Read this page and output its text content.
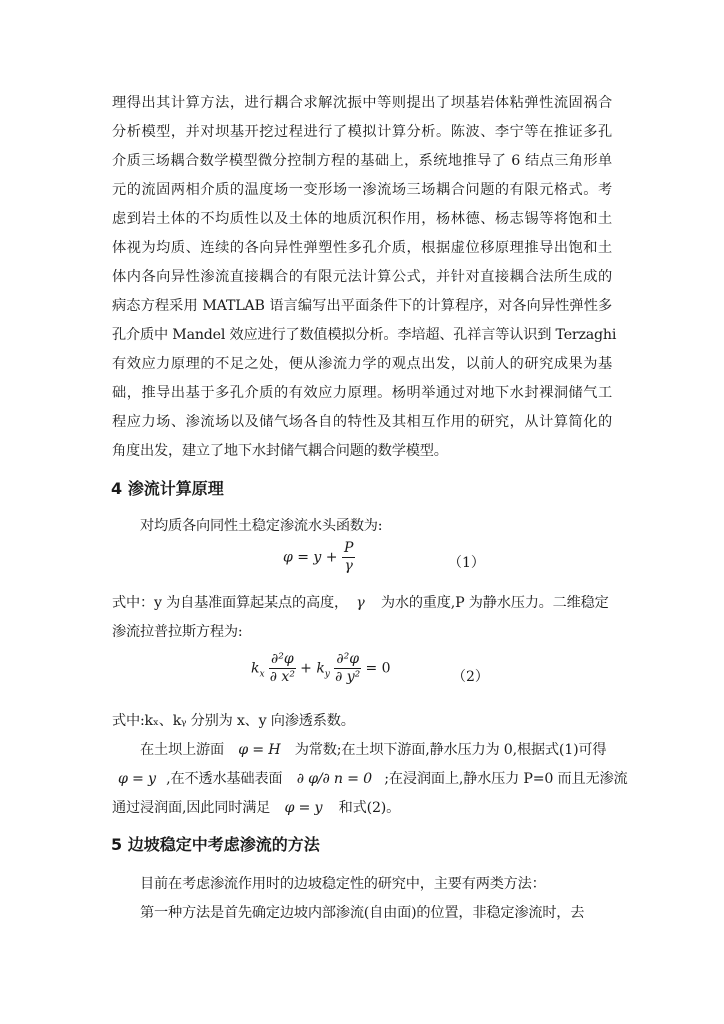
理得出其计算方法，进行耦合求解沈振中等则提出了坝基岩体粘弹性流固祸合
分析模型，并对坝基开挖过程进行了模拟计算分析。陈波、李宁等在推证多孔
介质三场耦合数学模型微分控制方程的基础上，系统地推导了 6 结点三角形单
元的流固两相介质的温度场一变形场一渗流场三场耦合问题的有限元格式。考
虑到岩土体的不均质性以及土体的地质沉积作用，杨林德、杨志锡等将饱和土
体视为均质、连续的各向异性弹塑性多孔介质，根据虚位移原理推导出饱和土
体内各向异性渗流直接耦合的有限元法计算公式，并针对直接耦合法所生成的
病态方程采用 MATLAB 语言编写出平面条件下的计算程序，对各向异性弹性多
孔介质中 Mandel 效应进行了数值模拟分析。李培超、孔祥言等认识到 Terzaghi
有效应力原理的不足之处，便从渗流力学的观点出发，以前人的研究成果为基
础，推导出基于多孔介质的有效应力原理。杨明举通过对地下水封裸洞储气工
程应力场、渗流场以及储气场各自的特性及其相互作用的研究，从计算简化的
角度出发，建立了地下水封储气耦合问题的数学模型。
4 渗流计算原理
对均质各向同性土稳定渗流水头函数为:
$\varphi = y + \frac{P}{\gamma}$	（1）
式中：y 为自基准面算起某点的高度， γ 为水的重度,P 为静水压力。二维稳定
渗流拉普拉斯方程为:
$k_x \frac{\text{∂²φ}}{\text{∂ x²}} + k_y \frac{\text{∂²φ}}{\text{∂ y²}} = 0$
（2）
式中:kₓ、kᵧ 分别为 x、y 向渗透系数。
在土坝上游面 φ = H 为常数;在土坝下游面,静水压力为 0,根据式(1)可得
φ = y ,在不透水基础表面 ∂ φ/∂ n = 0 ;在浸润面上,静水压力 P=0 而且无渗流
通过浸润面,因此同时满足 φ = y 和式(2)。
5 边坡稳定中考虑渗流的方法
目前在考虑渗流作用时的边坡稳定性的研究中，主要有两类方法：
第一种方法是首先确定边坡内部渗流(自由面)的位置，非稳定渗流时，去
